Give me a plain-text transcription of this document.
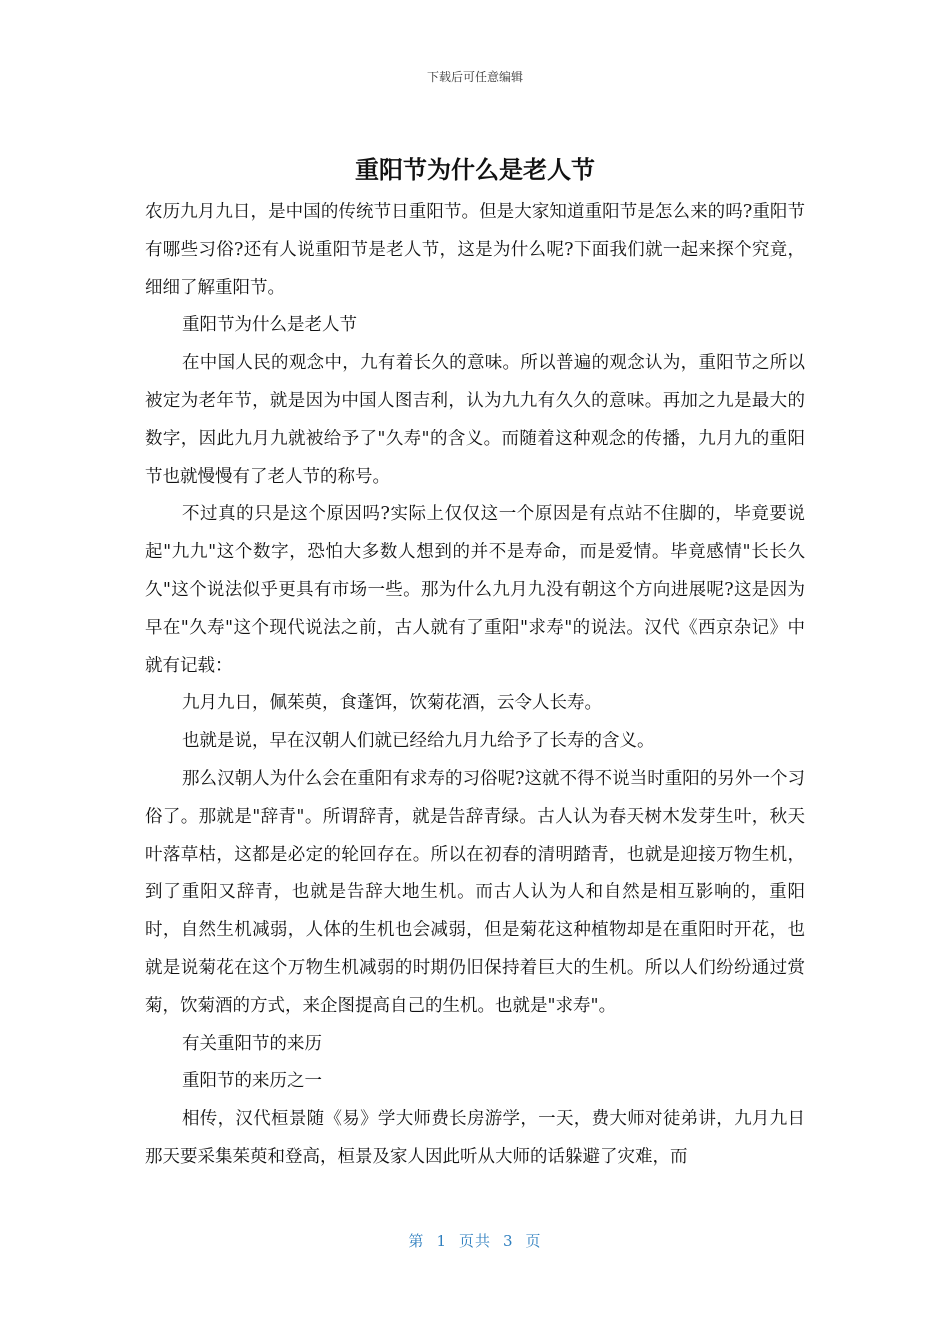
下载后可任意编辑
重阳节为什么是老人节

农历九月九日，是中国的传统节日重阳节。但是大家知道重阳节是怎么来的吗?重阳节有哪些习俗?还有人说重阳节是老人节，这是为什么呢?下面我们就一起来探个究竟，细细了解重阳节。

重阳节为什么是老人节

在中国人民的观念中，九有着长久的意味。所以普遍的观念认为，重阳节之所以被定为老年节，就是因为中国人图吉利，认为九九有久久的意味。再加之九是最大的数字，因此九月九就被给予了"久寿"的含义。而随着这种观念的传播，九月九的重阳节也就慢慢有了老人节的称号。

不过真的只是这个原因吗?实际上仅仅这一个原因是有点站不住脚的，毕竟要说起"九九"这个数字，恐怕大多数人想到的并不是寿命，而是爱情。毕竟感情"长长久久"这个说法似乎更具有市场一些。那为什么九月九没有朝这个方向进展呢?这是因为早在"久寿"这个现代说法之前，古人就有了重阳"求寿"的说法。汉代《西京杂记》中就有记载：

九月九日，佩茱萸，食蓬饵，饮菊花酒，云令人长寿。

也就是说，早在汉朝人们就已经给九月九给予了长寿的含义。

那么汉朝人为什么会在重阳有求寿的习俗呢?这就不得不说当时重阳的另外一个习俗了。那就是"辞青"。所谓辞青，就是告辞青绿。古人认为春天树木发芽生叶，秋天叶落草枯，这都是必定的轮回存在。所以在初春的清明踏青，也就是迎接万物生机，到了重阳又辞青，也就是告辞大地生机。而古人认为人和自然是相互影响的，重阳时，自然生机减弱，人体的生机也会减弱，但是菊花这种植物却是在重阳时开花，也就是说菊花在这个万物生机减弱的时期仍旧保持着巨大的生机。所以人们纷纷通过赏菊，饮菊酒的方式，来企图提高自己的生机。也就是"求寿"。

有关重阳节的来历

重阳节的来历之一

相传，汉代桓景随《易》学大师费长房游学，一天，费大师对徒弟讲，九月九日那天要采集茱萸和登高，桓景及家人因此听从大师的话躲避了灾难，而

第 1 页共 3 页
